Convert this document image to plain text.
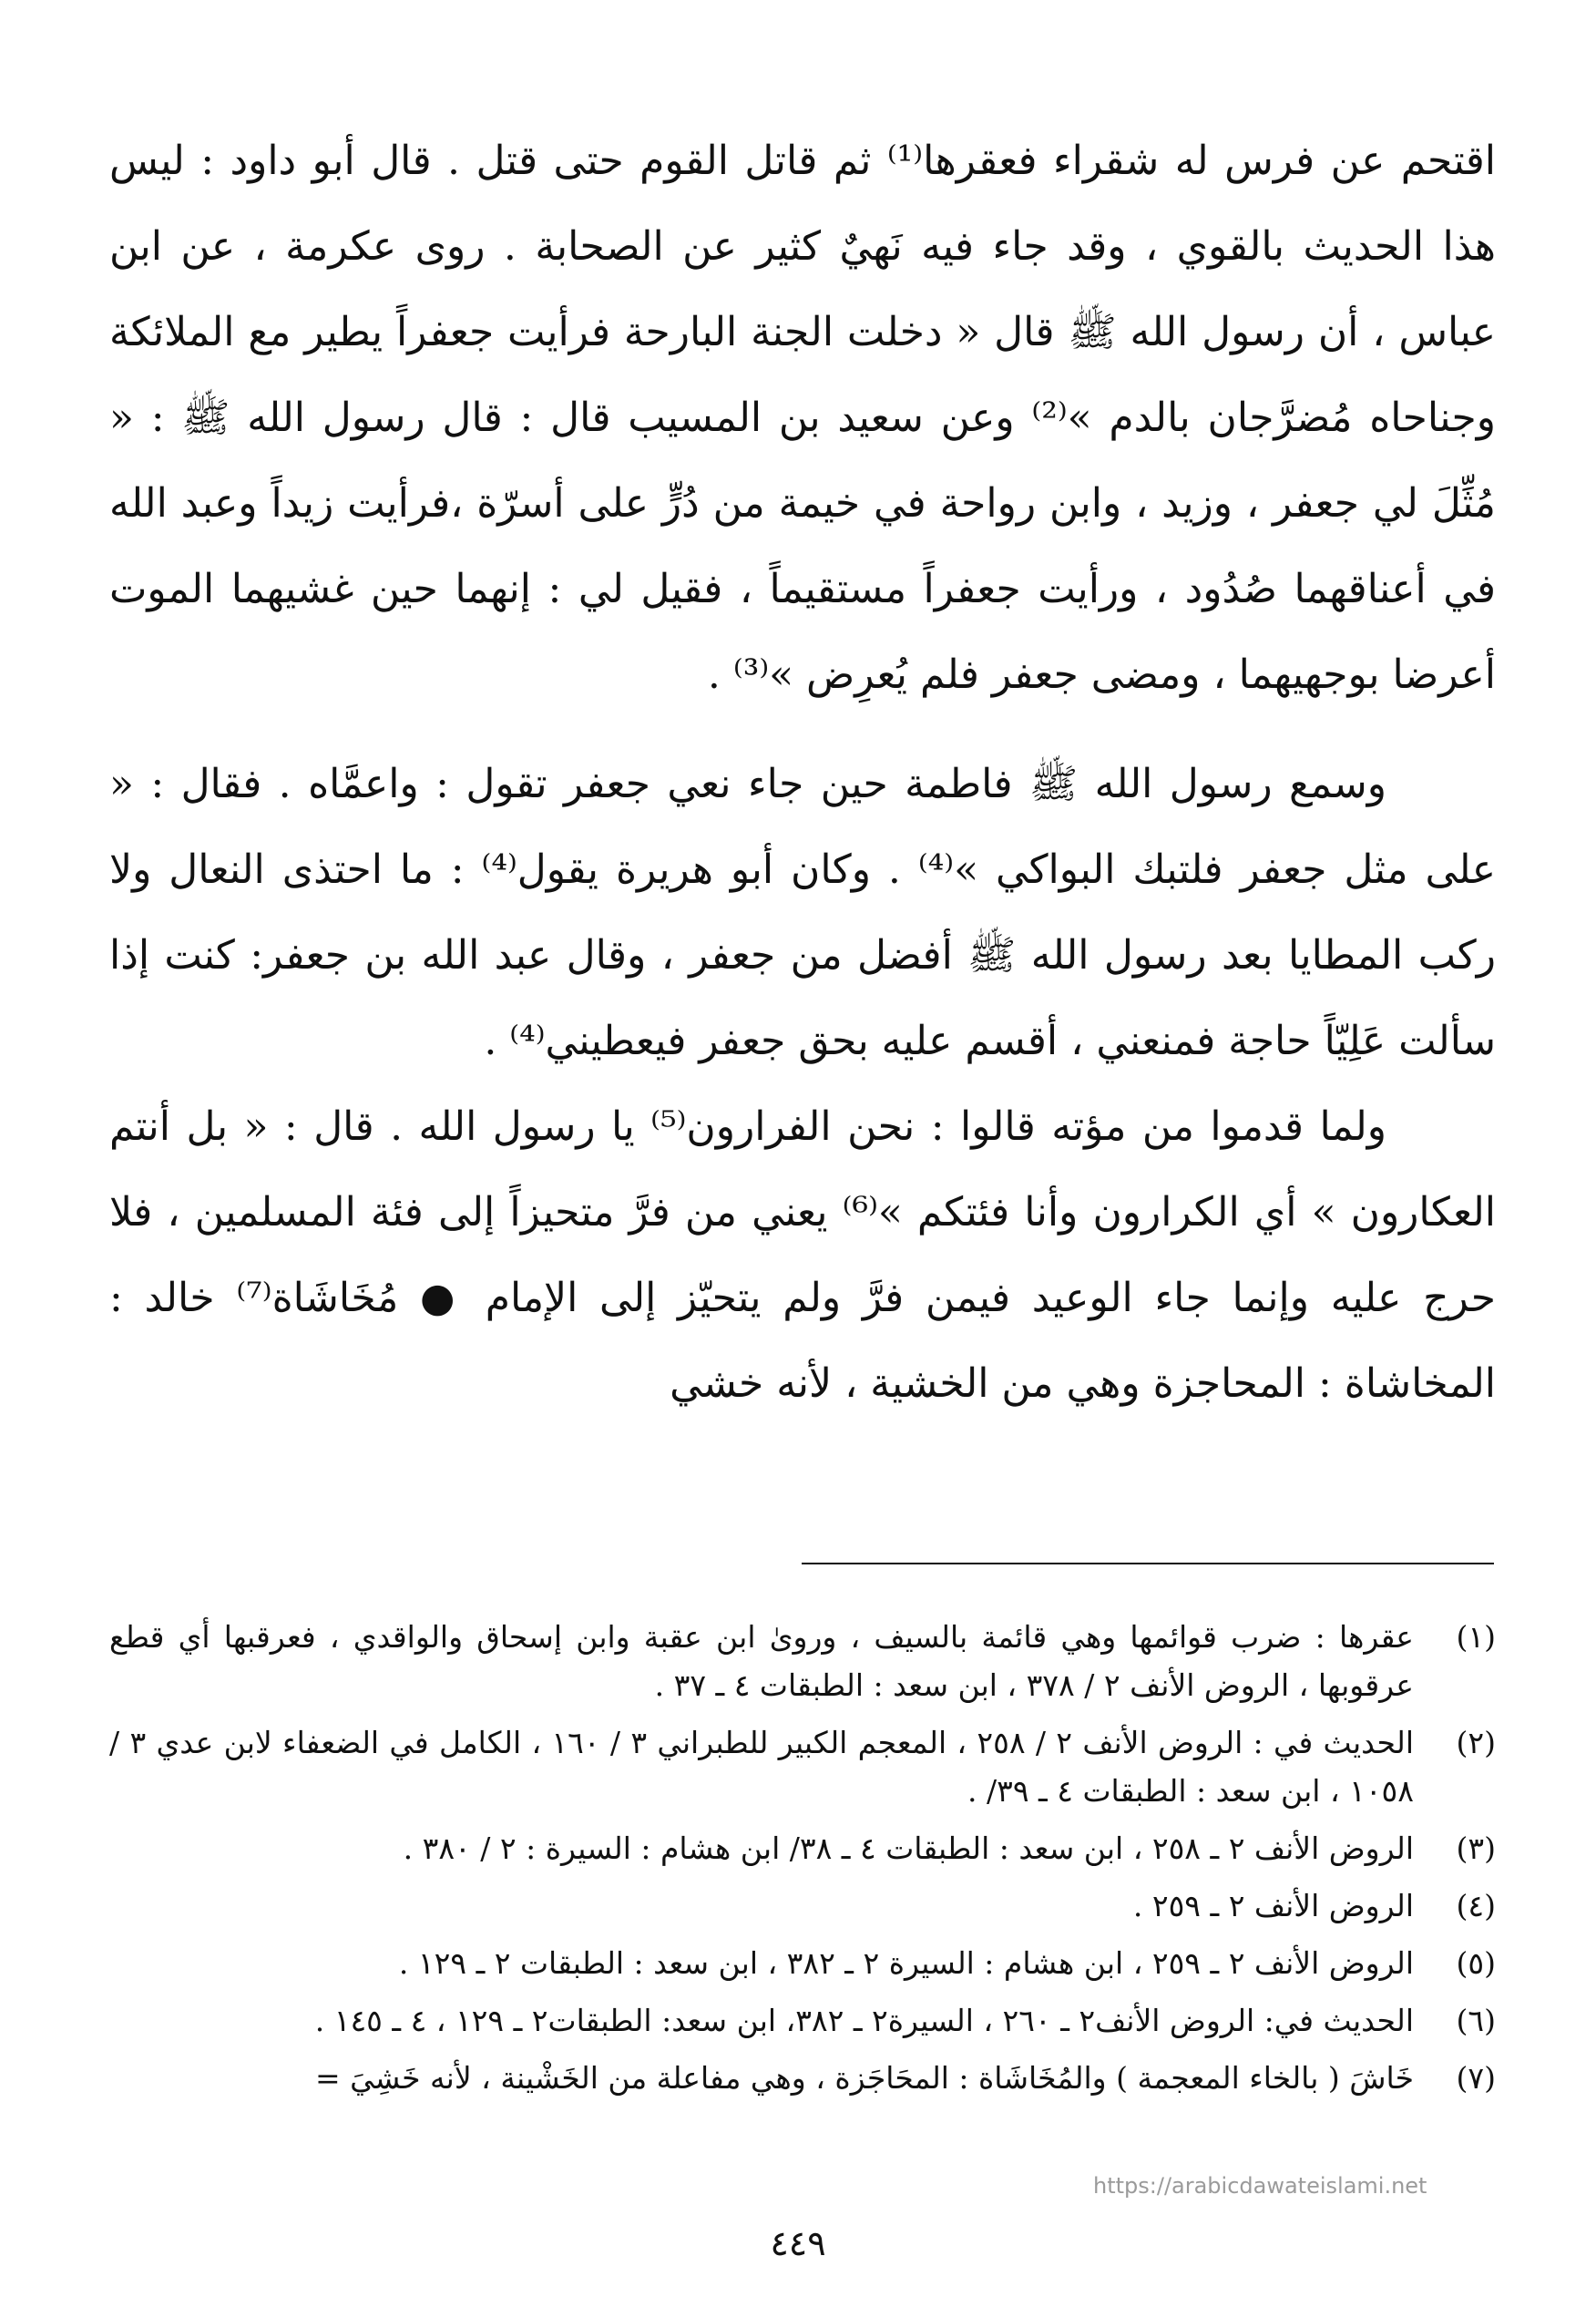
اقتحم عن فرس له شقراء فعقرها⁽¹⁾ ثم قاتل القوم حتى قتل . قال أبو داود : ليس هذا الحديث بالقوي ، وقد جاء فيه نَهيٌ كثير عن الصحابة . روى عكرمة ، عن ابن عباس ، أن رسول الله ﷺ قال « دخلت الجنة البارحة فرأيت جعفراً يطير مع الملائكة وجناحاه مُضرَّجان بالدم »⁽²⁾ وعن سعيد بن المسيب قال : قال رسول الله ﷺ : « مُثِّلَ لي جعفر ، وزيد ، وابن رواحة في خيمة من دُرٍّ على أسرّة ،فرأيت زيداً وعبد الله في أعناقهما صُدُود ، ورأيت جعفراً مستقيماً ، فقيل لي : إنهما حين غشيهما الموت أعرضا بوجهيهما ، ومضى جعفر فلم يُعرِض »⁽³⁾ .

وسمع رسول الله ﷺ فاطمة حين جاء نعي جعفر تقول : واعمَّاه . فقال : « على مثل جعفر فلتبك البواكي »⁽⁴⁾ . وكان أبو هريرة يقول⁽⁴⁾ : ما احتذى النعال ولا ركب المطايا بعد رسول الله ﷺ أفضل من جعفر ، وقال عبد الله بن جعفر: كنت إذا سألت عَلِيّاً حاجة فمنعني ، أقسم عليه بحق جعفر فيعطيني⁽⁴⁾ .

ولما قدموا من مؤته قالوا : نحن الفرارون⁽⁵⁾ يا رسول الله . قال : « بل أنتم العكارون » أي الكرارون وأنا فئتكم »⁽⁶⁾ يعني من فرَّ متحيزاً إلى فئة المسلمين ، فلا حرج عليه وإنما جاء الوعيد فيمن فرَّ ولم يتحيّز إلى الإمام ● مُخَاشَاة⁽⁷⁾ خالد : المخاشاة : المحاجزة وهي من الخشية ، لأنه خشي

(١)
عقرها : ضرب قوائمها وهي قائمة بالسيف ، وروىٰ ابن عقبة وابن إسحاق والواقدي ، فعرقبها أي قطع عرقوبها ، الروض الأنف ٢ / ٣٧٨ ، ابن سعد : الطبقات ٤ ـ ٣٧ .
(٢)
الحديث في : الروض الأنف ٢ / ٢٥٨ ، المعجم الكبير للطبراني ٣ / ١٦٠ ، الكامل في الضعفاء لابن عدي ٣ / ١٠٥٨ ، ابن سعد : الطبقات ٤ ـ ٣٩/ .
(٣)
الروض الأنف ٢ ـ ٢٥٨ ، ابن سعد : الطبقات ٤ ـ ٣٨/ ابن هشام : السيرة : ٢ / ٣٨٠ .
(٤)
الروض الأنف ٢ ـ ٢٥٩ .
(٥)
الروض الأنف ٢ ـ ٢٥٩ ، ابن هشام : السيرة ٢ ـ ٣٨٢ ، ابن سعد : الطبقات ٢ ـ ١٢٩ .
(٦)
الحديث في: الروض الأنف٢ ـ ٢٦٠ ، السيرة٢ ـ ٣٨٢، ابن سعد: الطبقات٢ ـ ١٢٩ ، ٤ ـ ١٤٥ .
(٧)
خَاشَ ( بالخاء المعجمة ) والمُخَاشَاة : المحَاجَزة ، وهي مفاعلة من الخَشْينة ، لأنه خَشِيَ =
https://arabicdawateislami.net
٤٤٩
